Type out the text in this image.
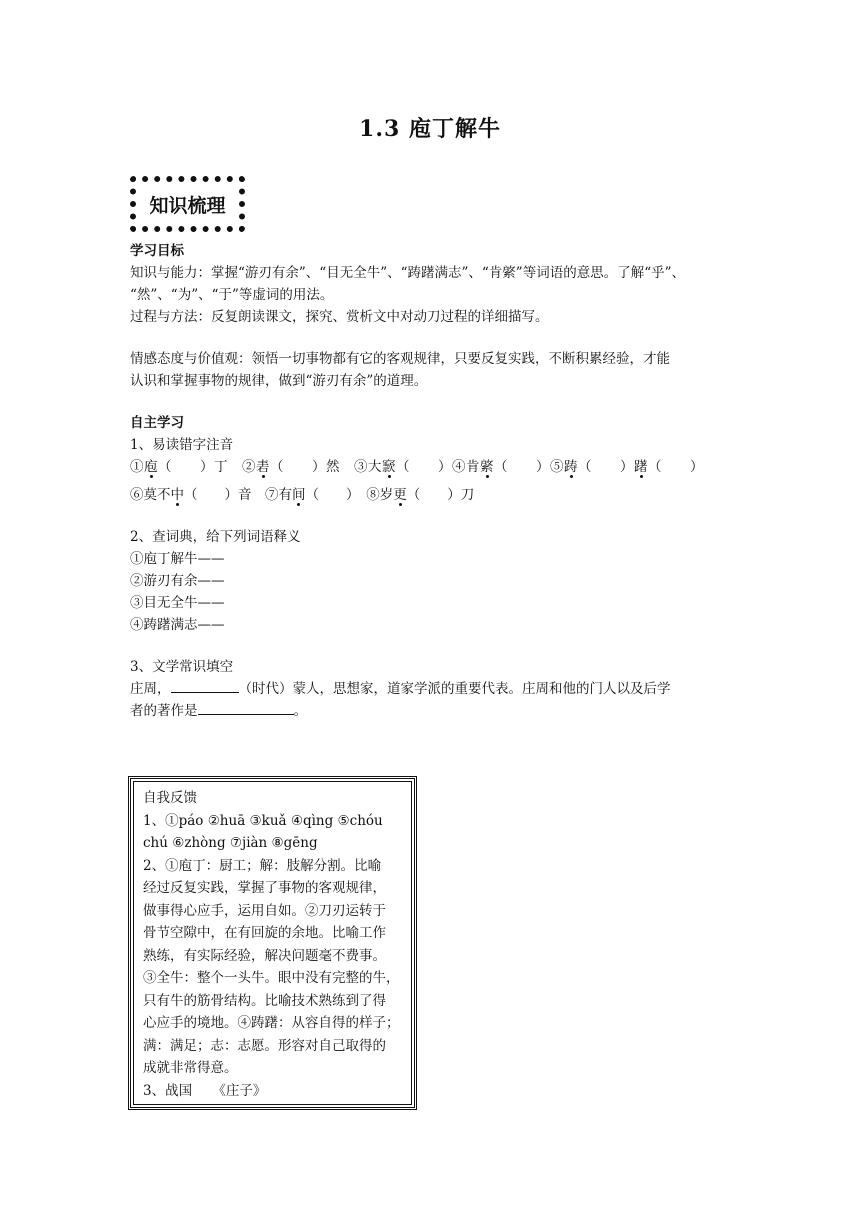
1.3 庖丁解牛
知识梳理

学习目标

知识与能力：掌握“游刃有余”、“目无全牛”、“踌躇满志”、“肯綮”等词语的意思。了解“乎”、

“然”、“为”、“于”等虚词的用法。

过程与方法：反复朗读课文，探究、赏析文中对动刀过程的详细描写。

情感态度与价值观：领悟一切事物都有它的客观规律，只要反复实践，不断积累经验，才能

认识和掌握事物的规律，做到“游刃有余”的道理。

自主学习

1、易读错字注音

①庖（　　）丁　②砉（　　）然　③大窾（　　）④肯綮（　　）⑤踌（　　）躇（　　）

⑥莫不中（　　）音　⑦有间（　　）　⑧岁更（　　）刀

2、查词典，给下列词语释义

①庖丁解牛——

②游刃有余——

③目无全牛——

④踌躇满志——

3、文学常识填空

庄周，	（时代）蒙人，思想家，道家学派的重要代表。庄周和他的门人以及后学

者的著作是	。

自我反馈

1、①páo ②huā ③kuǎ ④qìng ⑤chóu

chú ⑥zhòng ⑦jiàn ⑧gēng

2、①庖丁：厨工；解：肢解分割。比喻

经过反复实践，掌握了事物的客观规律，

做事得心应手，运用自如。②刀刃运转于

骨节空隙中，在有回旋的余地。比喻工作

熟练，有实际经验，解决问题毫不费事。

③全牛：整个一头牛。眼中没有完整的牛，

只有牛的筋骨结构。比喻技术熟练到了得

心应手的境地。④踌躇：从容自得的样子；

满：满足；志：志愿。形容对自己取得的

成就非常得意。

3、战国　　《庄子》
